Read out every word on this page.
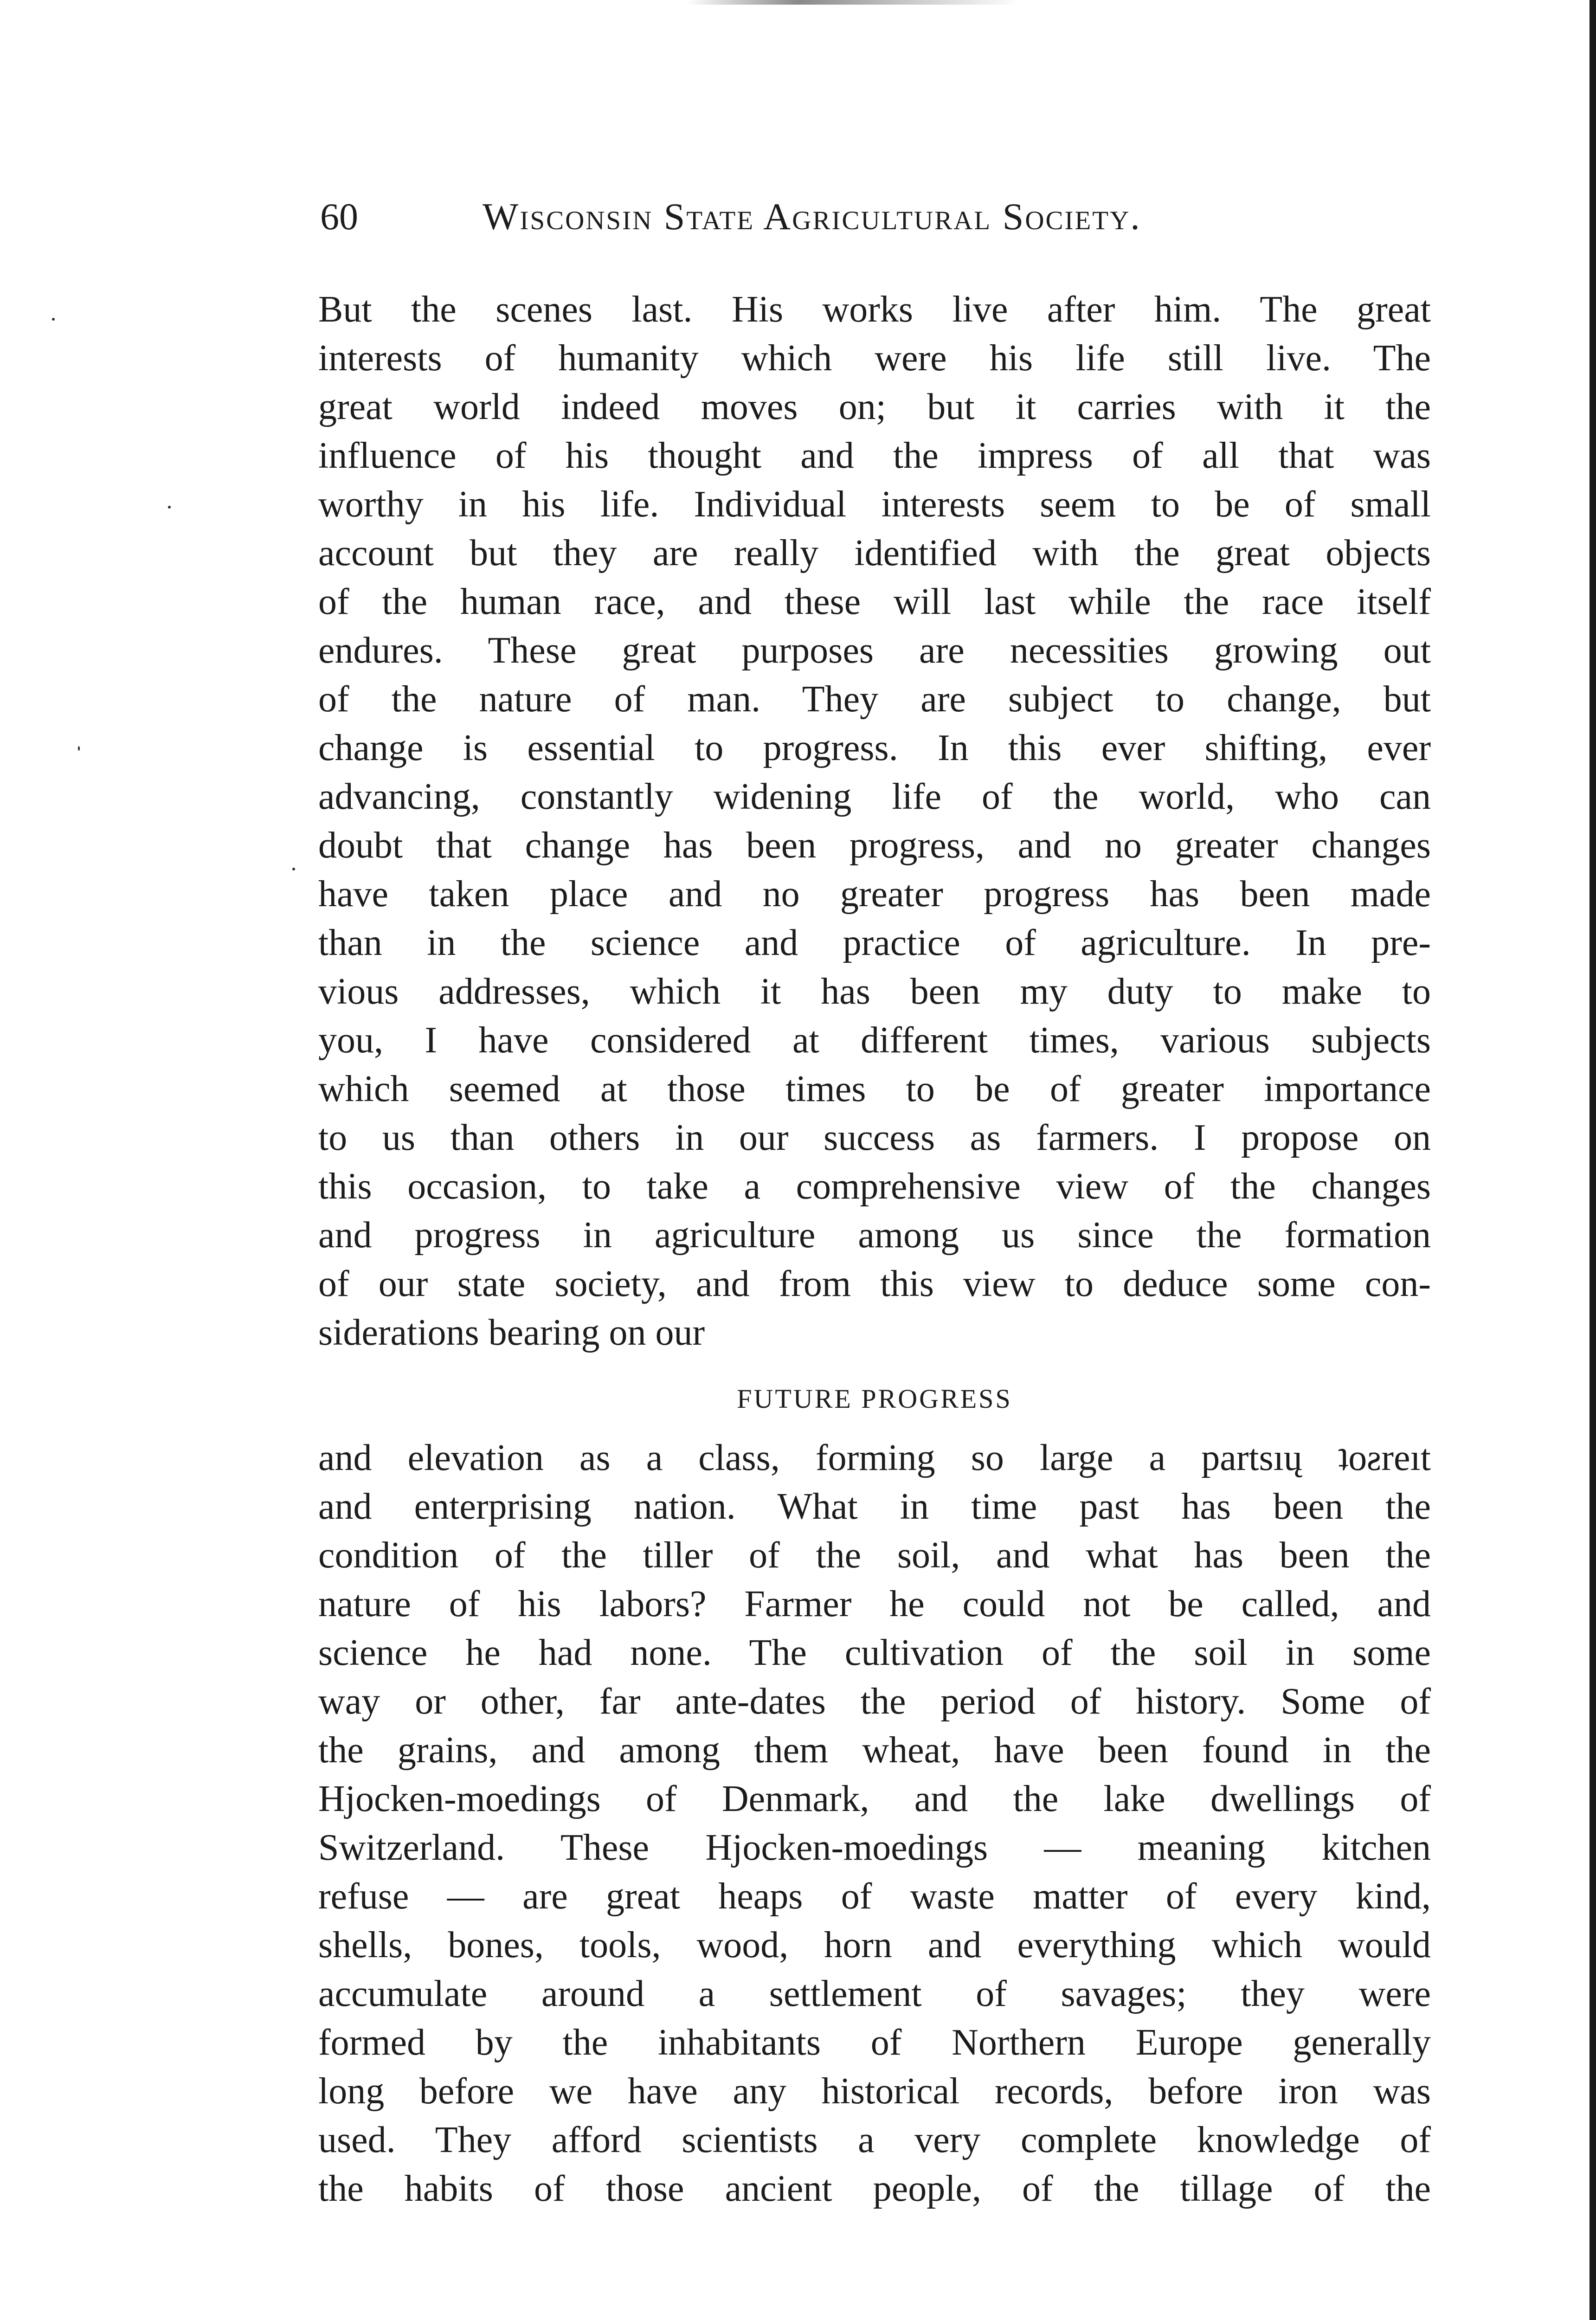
60	Wisconsin State Agricultural Society.
But the scenes last. His works live after him. The great
interests of humanity which were his life still live. The
great world indeed moves on; but it carries with it the
influence of his thought and the impress of all that was
worthy in his life. Individual interests seem to be of small
account but they are really identified with the great objects
of the human race, and these will last while the race itself
endures. These great purposes are necessities growing out
of the nature of man. They are subject to change, but
change is essential to progress. In this ever shifting, ever
advancing, constantly widening life of the world, who can
doubt that change has been progress, and no greater changes
have taken place and no greater progress has been made
than in the science and practice of agriculture. In pre-
vious addresses, which it has been my duty to make to
you, I have considered at different times, various subjects
which seemed at those times to be of greater importance
to us than others in our success as farmers. I propose on
this occasion, to take a comprehensive view of the changes
and progress in agriculture among us since the formation
of our state society, and from this view to deduce some con-
siderations bearing on our
FUTURE PROGRESS
and elevation as a class, forming so large a partsıų ʇoƨreıt
and enterprising nation. What in time past has been the
condition of the tiller of the soil, and what has been the
nature of his labors? Farmer he could not be called, and
science he had none. The cultivation of the soil in some
way or other, far ante-dates the period of history. Some of
the grains, and among them wheat, have been found in the
Hjocken-moedings of Denmark, and the lake dwellings of
Switzerland. These Hjocken-moedings — meaning kitchen
refuse — are great heaps of waste matter of every kind,
shells, bones, tools, wood, horn and everything which would
accumulate around a settlement of savages; they were
formed by the inhabitants of Northern Europe generally
long before we have any historical records, before iron was
used. They afford scientists a very complete knowledge of
the habits of those ancient people, of the tillage of the
